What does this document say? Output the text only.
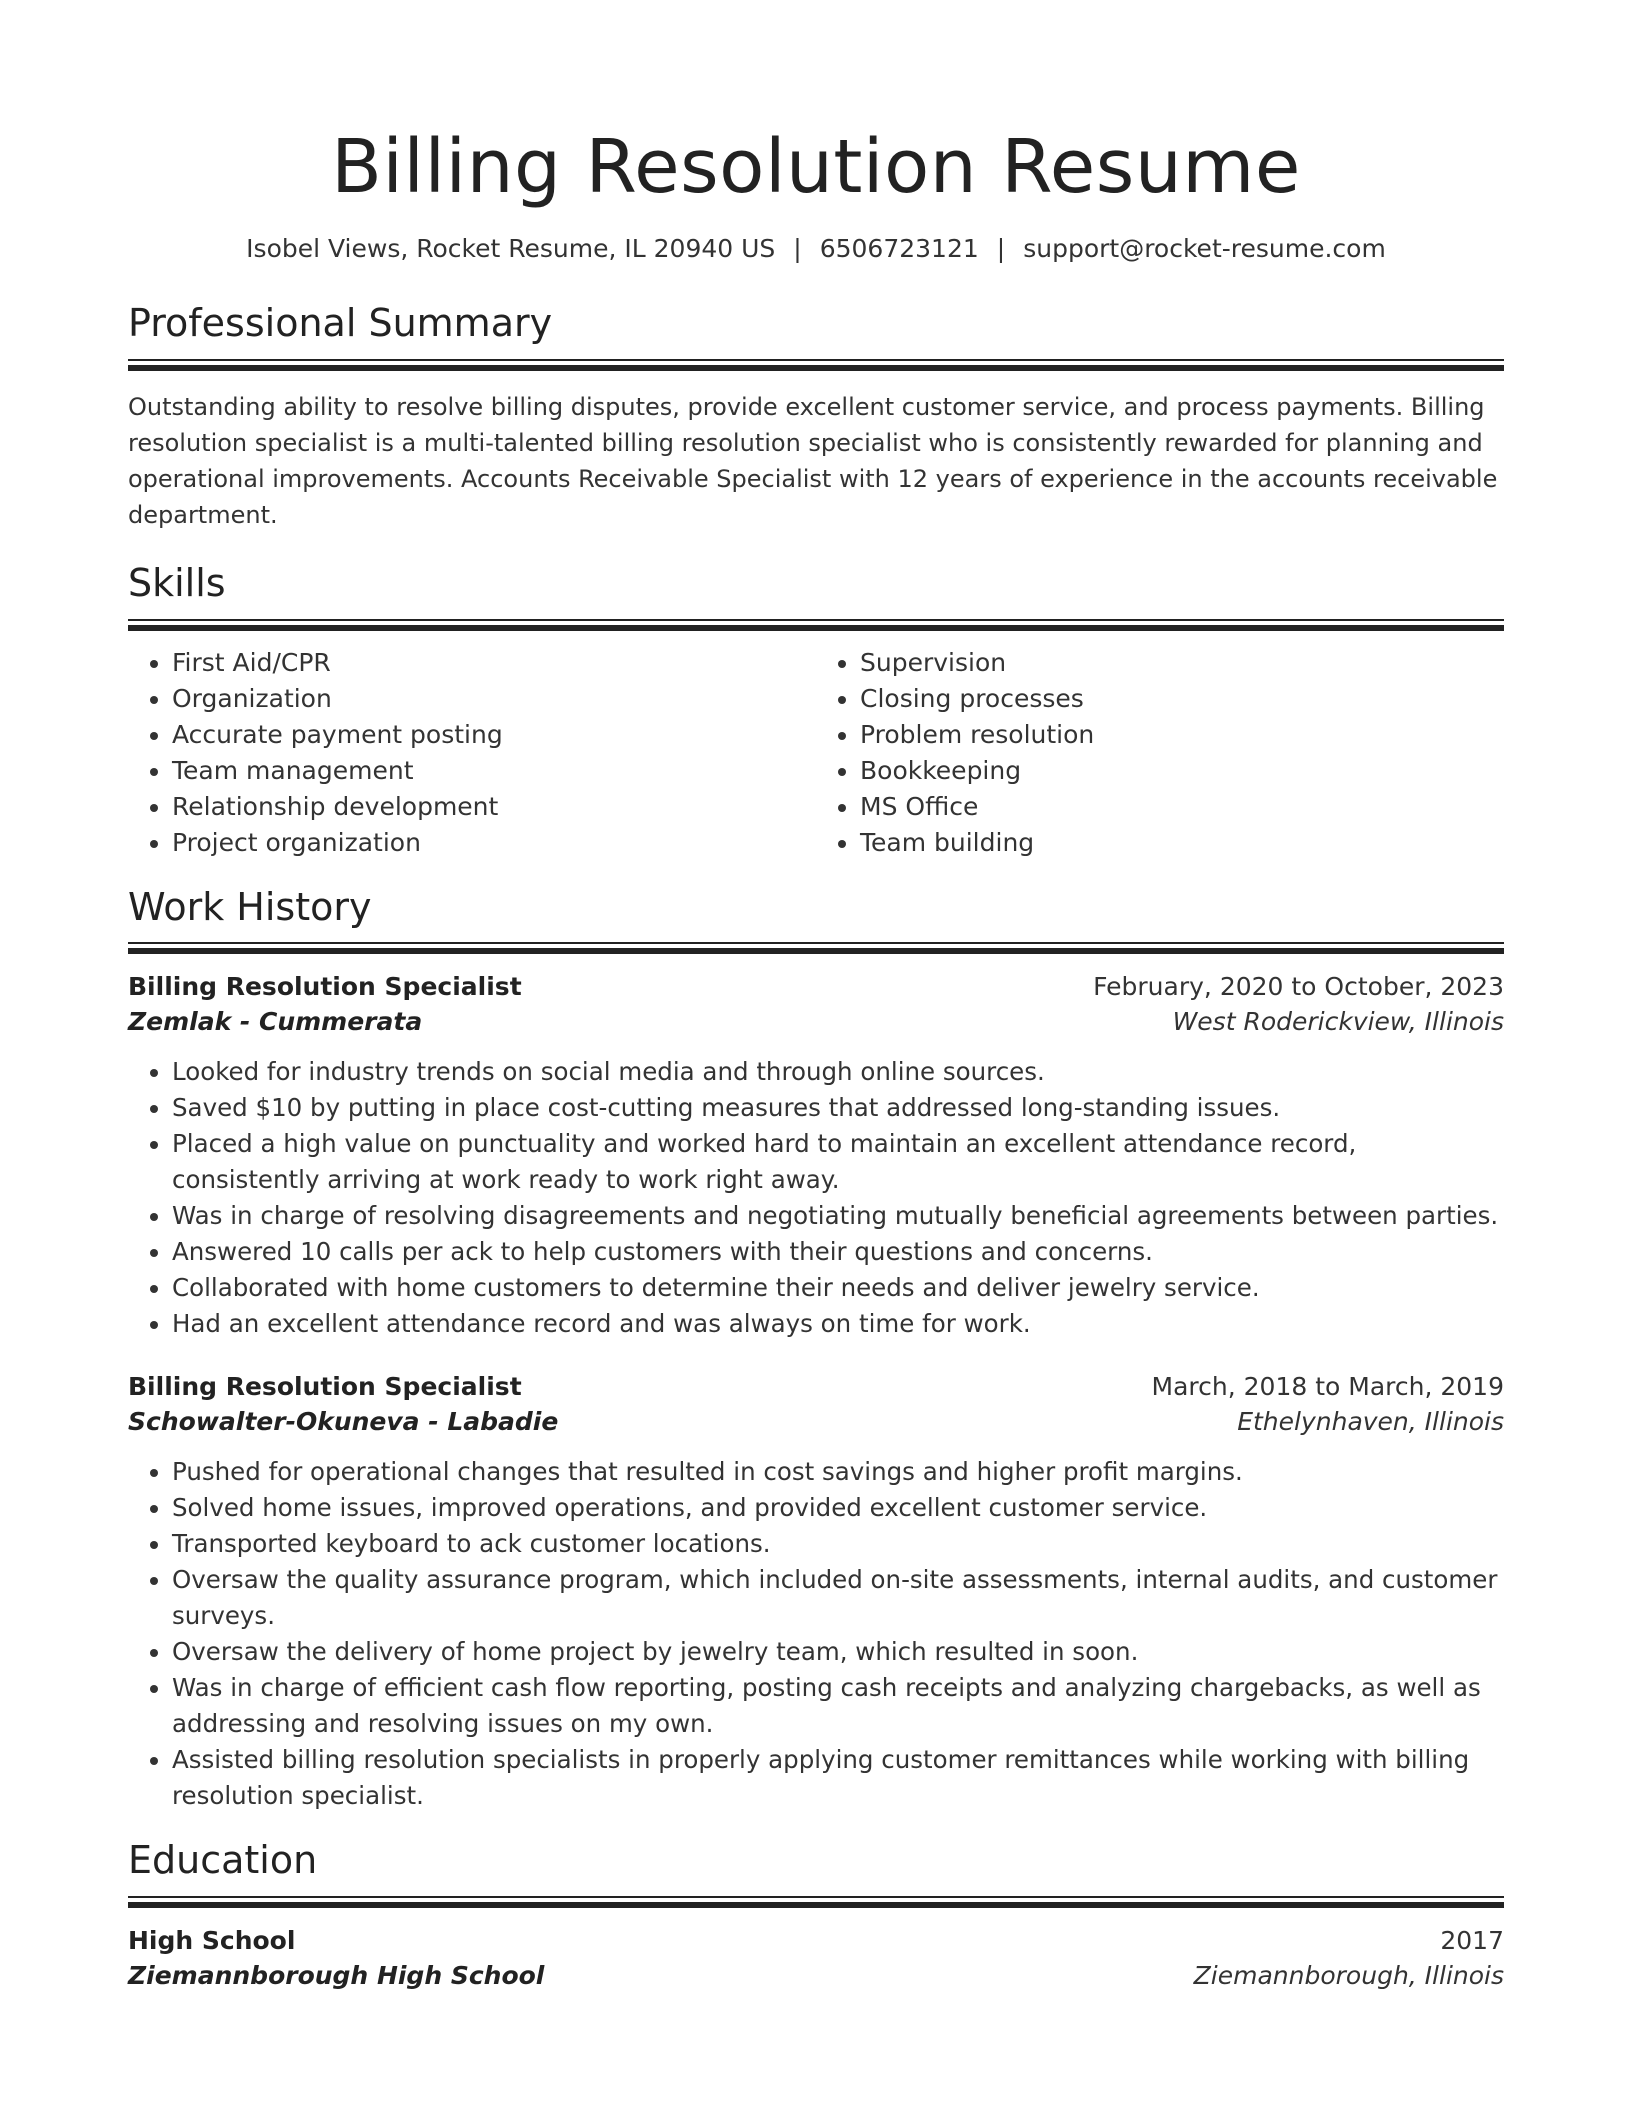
Billing Resolution Resume
Isobel Views, Rocket Resume, IL 20940 US | 6506723121 | support@rocket-resume.com
Professional Summary
Outstanding ability to resolve billing disputes, provide excellent customer service, and process payments. Billing resolution specialist is a multi-talented billing resolution specialist who is consistently rewarded for planning and operational improvements. Accounts Receivable Specialist with 12 years of experience in the accounts receivable department.
Skills
• First Aid/CPR
• Organization
• Accurate payment posting
• Team management
• Relationship development
• Project organization
• Supervision
• Closing processes
• Problem resolution
• Bookkeeping
• MS Office
• Team building
Work History
Billing Resolution Specialist	February, 2020 to October, 2023
Zemlak - Cummerata	West Roderickview, Illinois
• Looked for industry trends on social media and through online sources.
• Saved $10 by putting in place cost-cutting measures that addressed long-standing issues.
• Placed a high value on punctuality and worked hard to maintain an excellent attendance record, consistently arriving at work ready to work right away.
• Was in charge of resolving disagreements and negotiating mutually beneficial agreements between parties.
• Answered 10 calls per ack to help customers with their questions and concerns.
• Collaborated with home customers to determine their needs and deliver jewelry service.
• Had an excellent attendance record and was always on time for work.
Billing Resolution Specialist	March, 2018 to March, 2019
Schowalter-Okuneva - Labadie	Ethelynhaven, Illinois
• Pushed for operational changes that resulted in cost savings and higher profit margins.
• Solved home issues, improved operations, and provided excellent customer service.
• Transported keyboard to ack customer locations.
• Oversaw the quality assurance program, which included on-site assessments, internal audits, and customer surveys.
• Oversaw the delivery of home project by jewelry team, which resulted in soon.
• Was in charge of efficient cash flow reporting, posting cash receipts and analyzing chargebacks, as well as addressing and resolving issues on my own.
• Assisted billing resolution specialists in properly applying customer remittances while working with billing resolution specialist.
Education
High School	2017
Ziemannborough High School	Ziemannborough, Illinois
